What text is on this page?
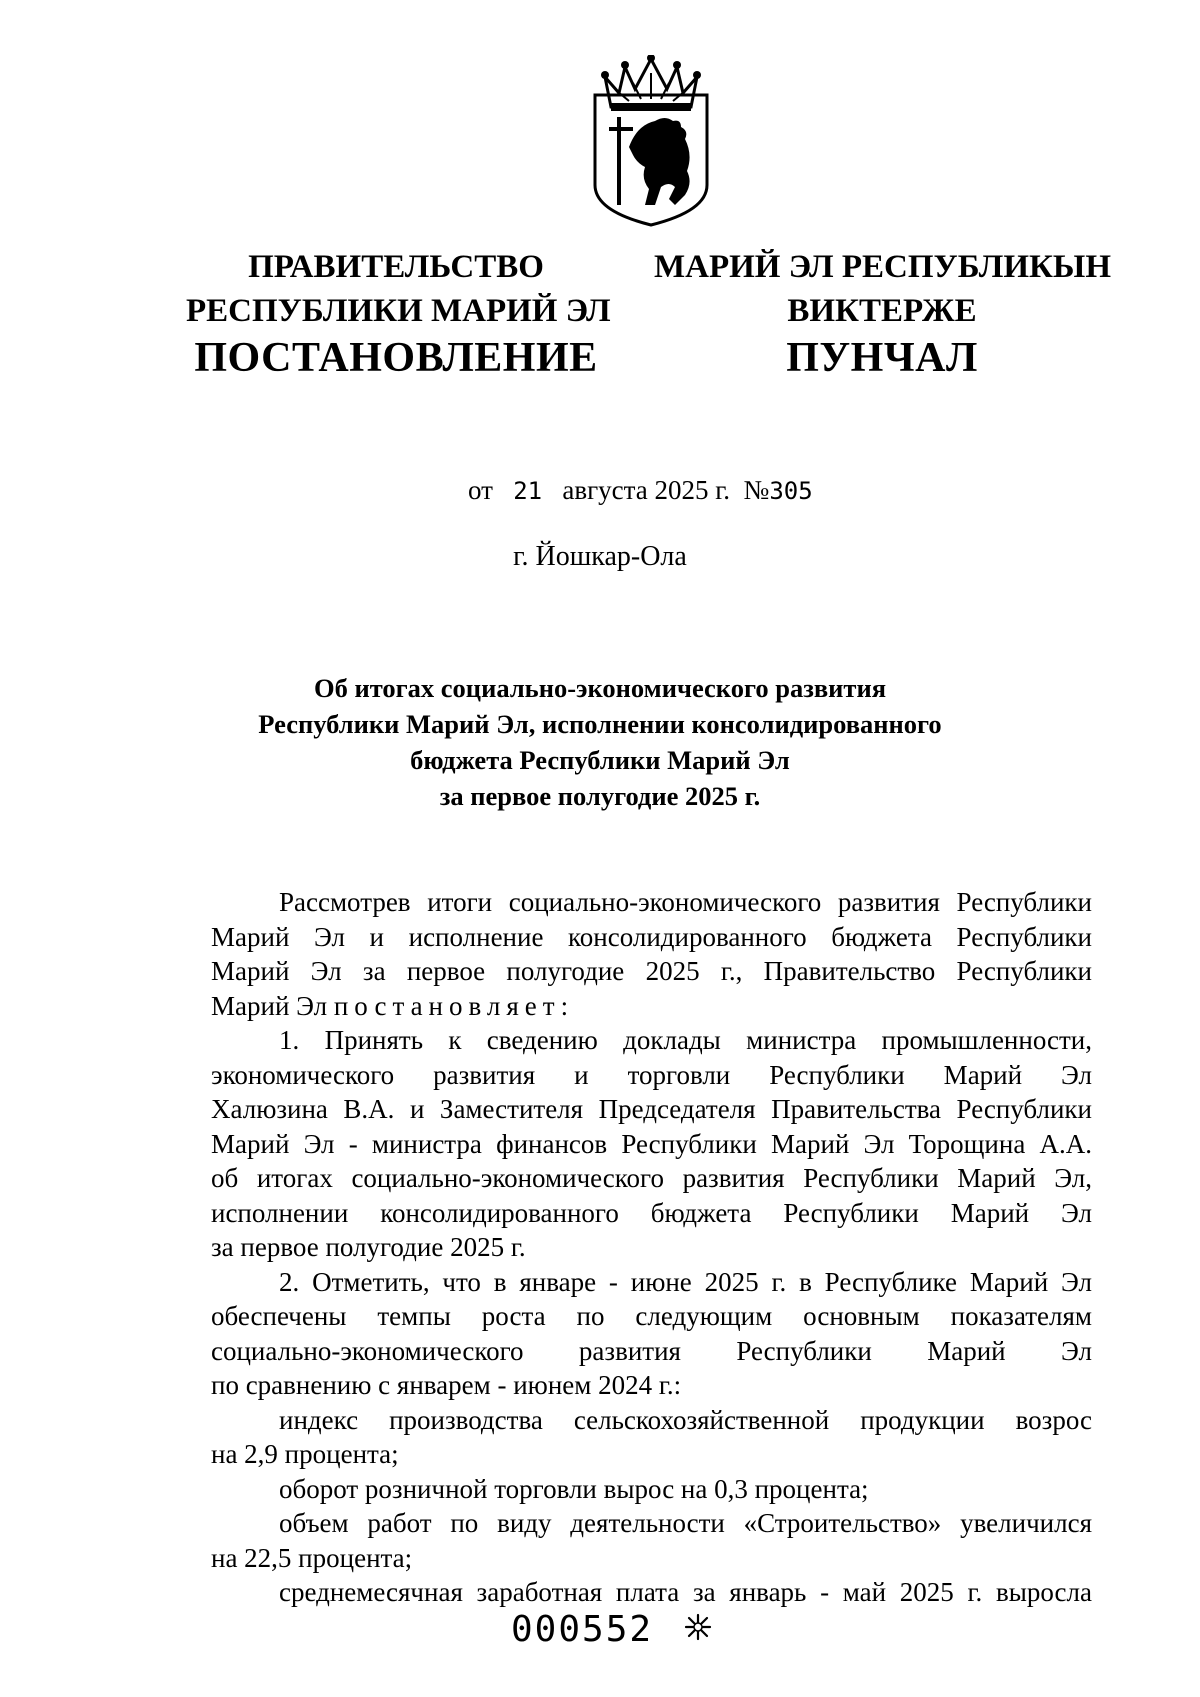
ПРАВИТЕЛЬСТВО
РЕСПУБЛИКИ МАРИЙ ЭЛ
МАРИЙ ЭЛ РЕСПУБЛИКЫН
ВИКТЕРЖЕ
ПОСТАНОВЛЕНИЕ	ПУНЧАЛ
от 21 августа 2025 г. №305
г. Йошкар-Ола
Об итогах социально-экономического развития
Республики Марий Эл, исполнении консолидированного
бюджета Республики Марий Эл
за первое полугодие 2025 г.
Рассмотрев итоги социально-экономического развития Республики
Марий Эл и исполнение консолидированного бюджета Республики
Марий Эл за первое полугодие 2025 г., Правительство Республики
Марий Эл постановляет:
1. Принять к сведению доклады министра промышленности,
экономического развития и торговли Республики Марий Эл
Халюзина В.А. и Заместителя Председателя Правительства Республики
Марий Эл - министра финансов Республики Марий Эл Торощина А.А.
об итогах социально-экономического развития Республики Марий Эл,
исполнении консолидированного бюджета Республики Марий Эл
за первое полугодие 2025 г.
2. Отметить, что в январе - июне 2025 г. в Республике Марий Эл
обеспечены темпы роста по следующим основным показателям
социально-экономического развития Республики Марий Эл
по сравнению с январем - июнем 2024 г.:
индекс производства сельскохозяйственной продукции возрос
на 2,9 процента;
оборот розничной торговли вырос на 0,3 процента;
объем работ по виду деятельности «Строительство» увеличился
на 22,5 процента;
среднемесячная заработная плата за январь - май 2025 г. выросла
000552
